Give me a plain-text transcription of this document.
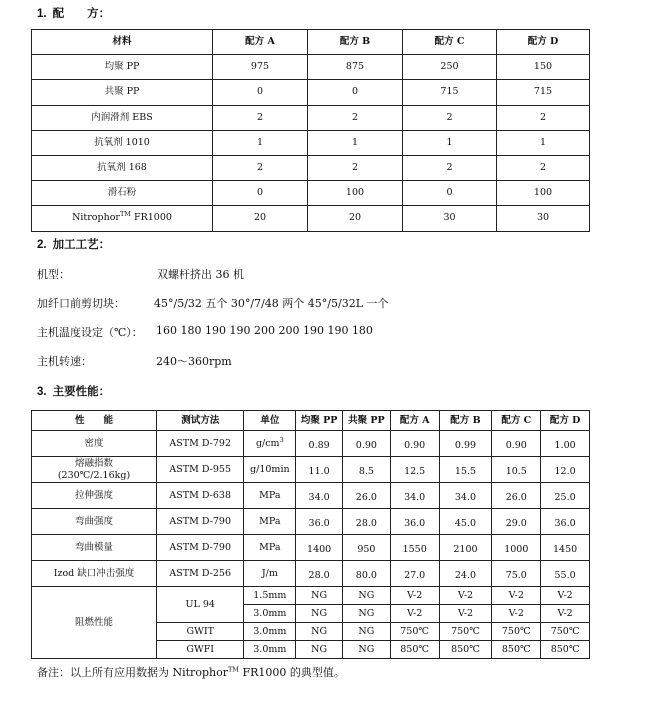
1. 配　　方：
材料	配方 A	配方 B	配方 C	配方 D
均聚 PP	975	875	250	150
共聚 PP	0	0	715	715
内润滑剂 EBS	2	2	2	2
抗氧剂 1010	1	1	1	1
抗氧剂 168	2	2	2	2
滑石粉	0	100	0	100
Nitrophor™ FR1000	20	20	30	30
2. 加工工艺：
机型：	双螺杆挤出 36 机
加纤口前剪切块：	45°/5/32 五个 30°/7/48 两个 45°/5/32L 一个
主机温度设定（℃）： 160 180 190 190 200 200 190 190 180
主机转速：	240～360rpm
3. 主要性能：
性　　能	测试方法	单位	均聚 PP	共聚 PP	配方 A	配方 B	配方 C	配方 D
密度	ASTM D-792	$g/cm^3$	0.89	0.90	0.90	0.99	0.90	1.00

熔融指数
(230℃/2.16kg)	ASTM D-955	g/10min	11.0	8.5	12.5	15.5	10.5	12.0

拉伸强度	ASTM D-638	MPa	34.0	26.0	34.0	34.0	26.0	25.0

弯曲强度	ASTM D-790	MPa	36.0	28.0	36.0	45.0	29.0	36.0

弯曲模量	ASTM D-790	MPa	1400	950	1550	2100	1000	1450

Izod 缺口冲击强度	ASTM D-256	J/m	28.0	80.0	27.0	24.0	75.0	55.0

阻燃性能	UL 94	1.5mm	NG	NG	V-2	V-2	V-2	V-2
		3.0mm	NG	NG	V-2	V-2	V-2	V-2
	GWIT	3.0mm	NG	NG	750℃	750℃	750℃	750℃
	GWFI	3.0mm	NG	NG	850℃	850℃	850℃	850℃
备注：以上所有应用数据为 Nitrophor™ FR1000 的典型值。
